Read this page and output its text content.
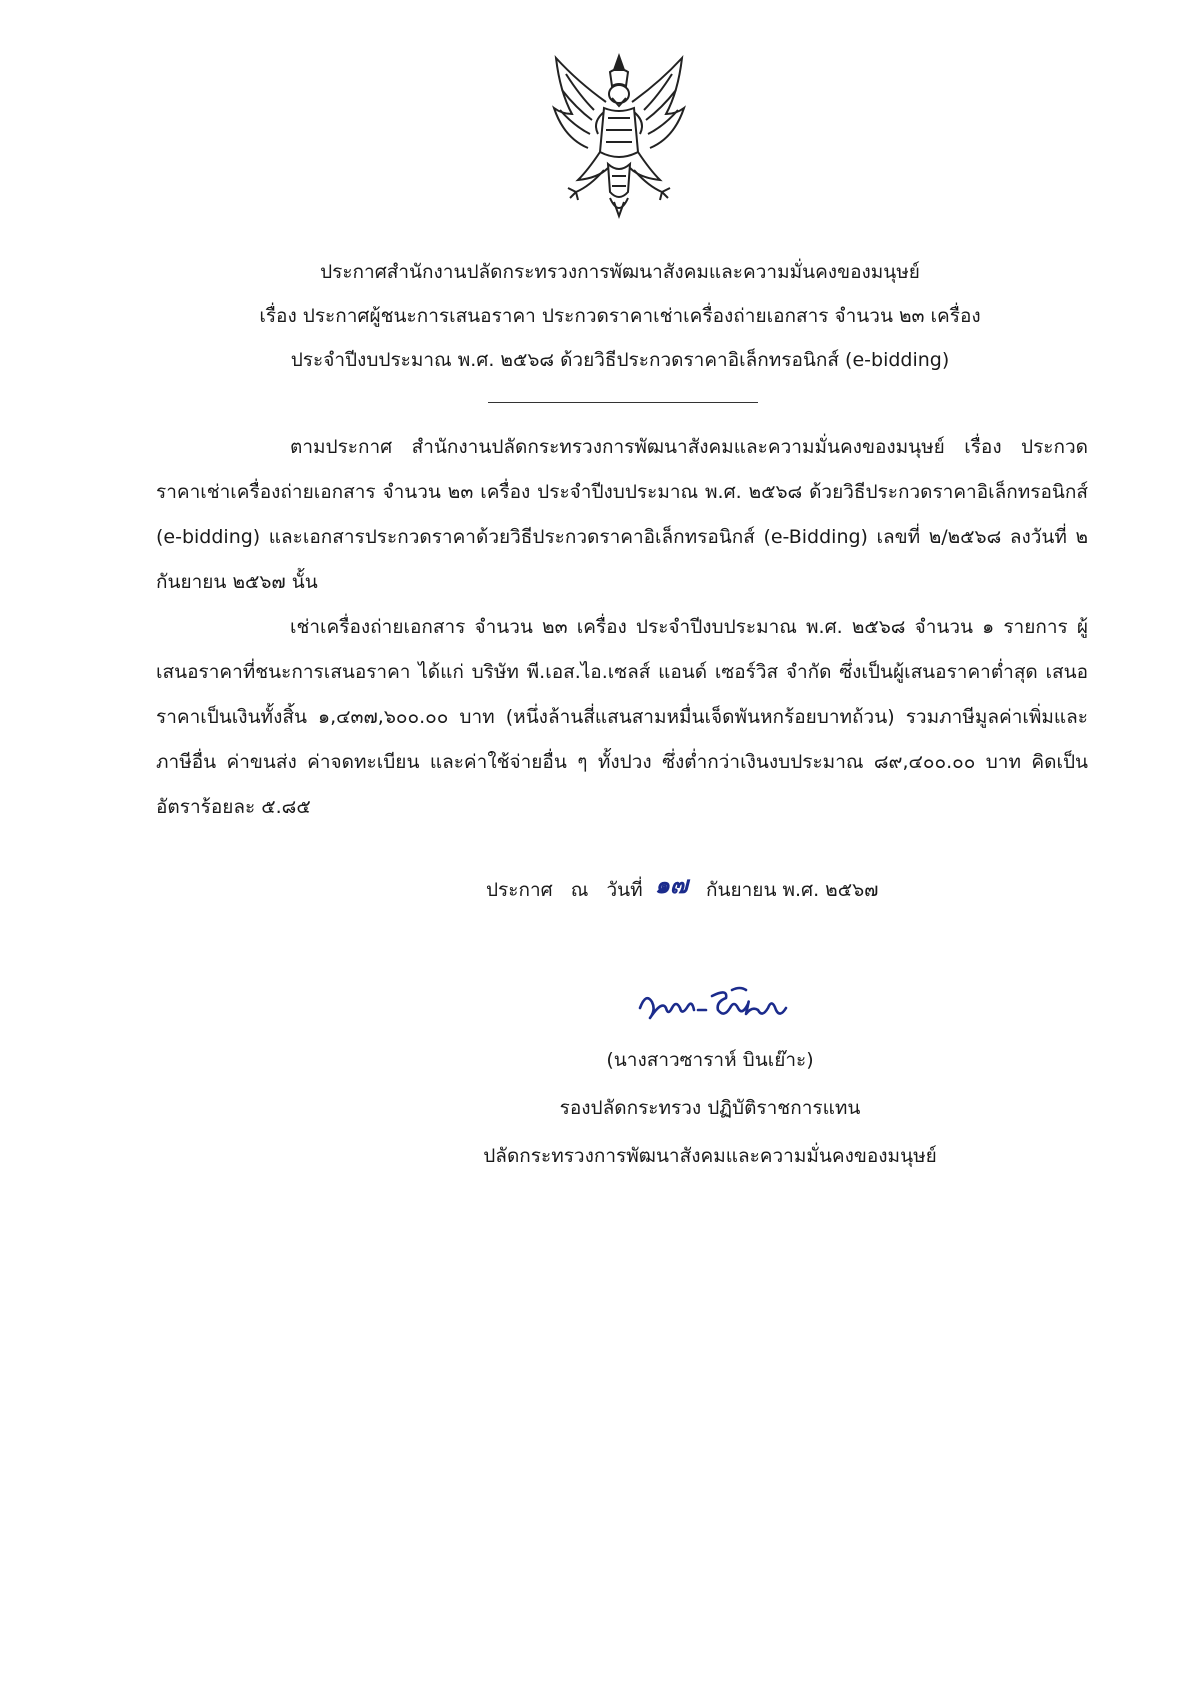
ประกาศสำนักงานปลัดกระทรวงการพัฒนาสังคมและความมั่นคงของมนุษย์
เรื่อง ประกาศผู้ชนะการเสนอราคา ประกวดราคาเช่าเครื่องถ่ายเอกสาร จำนวน ๒๓ เครื่อง
ประจำปีงบประมาณ พ.ศ. ๒๕๖๘ ด้วยวิธีประกวดราคาอิเล็กทรอนิกส์ (e-bidding)

ตามประกาศ สำนักงานปลัดกระทรวงการพัฒนาสังคมและความมั่นคงของมนุษย์ เรื่อง ประกวดราคาเช่าเครื่องถ่ายเอกสาร จำนวน ๒๓ เครื่อง ประจำปีงบประมาณ พ.ศ. ๒๕๖๘ ด้วยวิธีประกวดราคาอิเล็กทรอนิกส์ (e-bidding) และเอกสารประกวดราคาด้วยวิธีประกวดราคาอิเล็กทรอนิกส์ (e-Bidding) เลขที่ ๒/๒๕๖๘ ลงวันที่ ๒ กันยายน ๒๕๖๗ นั้น

เช่าเครื่องถ่ายเอกสาร จำนวน ๒๓ เครื่อง ประจำปีงบประมาณ พ.ศ. ๒๕๖๘ จำนวน ๑ รายการ ผู้เสนอราคาที่ชนะการเสนอราคา ได้แก่ บริษัท พี.เอส.ไอ.เซลส์ แอนด์ เซอร์วิส จำกัด ซึ่งเป็นผู้เสนอราคาต่ำสุด เสนอราคาเป็นเงินทั้งสิ้น ๑,๔๓๗,๖๐๐.๐๐ บาท (หนึ่งล้านสี่แสนสามหมื่นเจ็ดพันหกร้อยบาทถ้วน) รวมภาษีมูลค่าเพิ่มและภาษีอื่น ค่าขนส่ง ค่าจดทะเบียน และค่าใช้จ่ายอื่น ๆ ทั้งปวง ซึ่งต่ำกว่าเงินงบประมาณ ๘๙,๔๐๐.๐๐ บาท คิดเป็นอัตราร้อยละ ๕.๘๕

ประกาศ ณ วันที่ ๑๗ กันยายน พ.ศ. ๒๕๖๗
(นางสาวซาราห์ บินเย๊าะ)
รองปลัดกระทรวง ปฏิบัติราชการแทน
ปลัดกระทรวงการพัฒนาสังคมและความมั่นคงของมนุษย์
